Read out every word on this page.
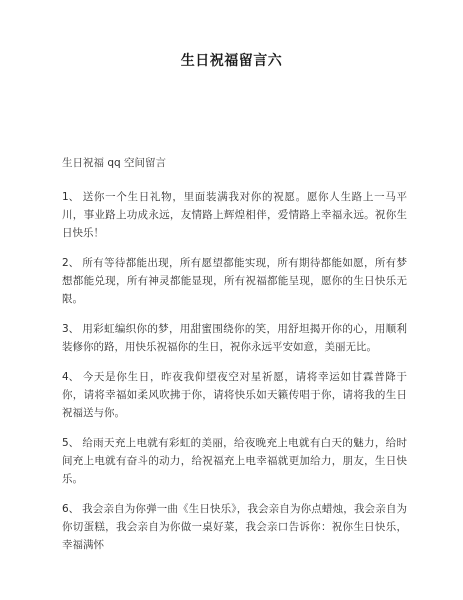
生日祝福留言六
生日祝福 qq 空间留言

1、 送你一个生日礼物，里面装满我对你的祝愿。愿你人生路上一马平川，事业路上功成永远，友情路上辉煌相伴，爱情路上幸福永远。祝你生日快乐！

2、 所有等待都能出现，所有愿望都能实现，所有期待都能如愿，所有梦想都能兑现，所有神灵都能显现，所有祝福都能呈现，愿你的生日快乐无限。

3、 用彩虹编织你的梦，用甜蜜围绕你的笑，用舒坦揭开你的心，用顺利装修你的路，用快乐祝福你的生日，祝你永远平安如意，美丽无比。

4、 今天是你生日，昨夜我仰望夜空对星祈愿，请将幸运如甘霖普降于你，请将幸福如柔风吹拂于你，请将快乐如天籁传唱于你，请将我的生日祝福送与你。

5、 给雨天充上电就有彩虹的美丽，给夜晚充上电就有白天的魅力，给时间充上电就有奋斗的动力，给祝福充上电幸福就更加给力，朋友，生日快乐。

6、 我会亲自为你弹一曲《生日快乐》，我会亲自为你点蜡烛，我会亲自为你切蛋糕，我会亲自为你做一桌好菜，我会亲口告诉你：祝你生日快乐，幸福满怀
